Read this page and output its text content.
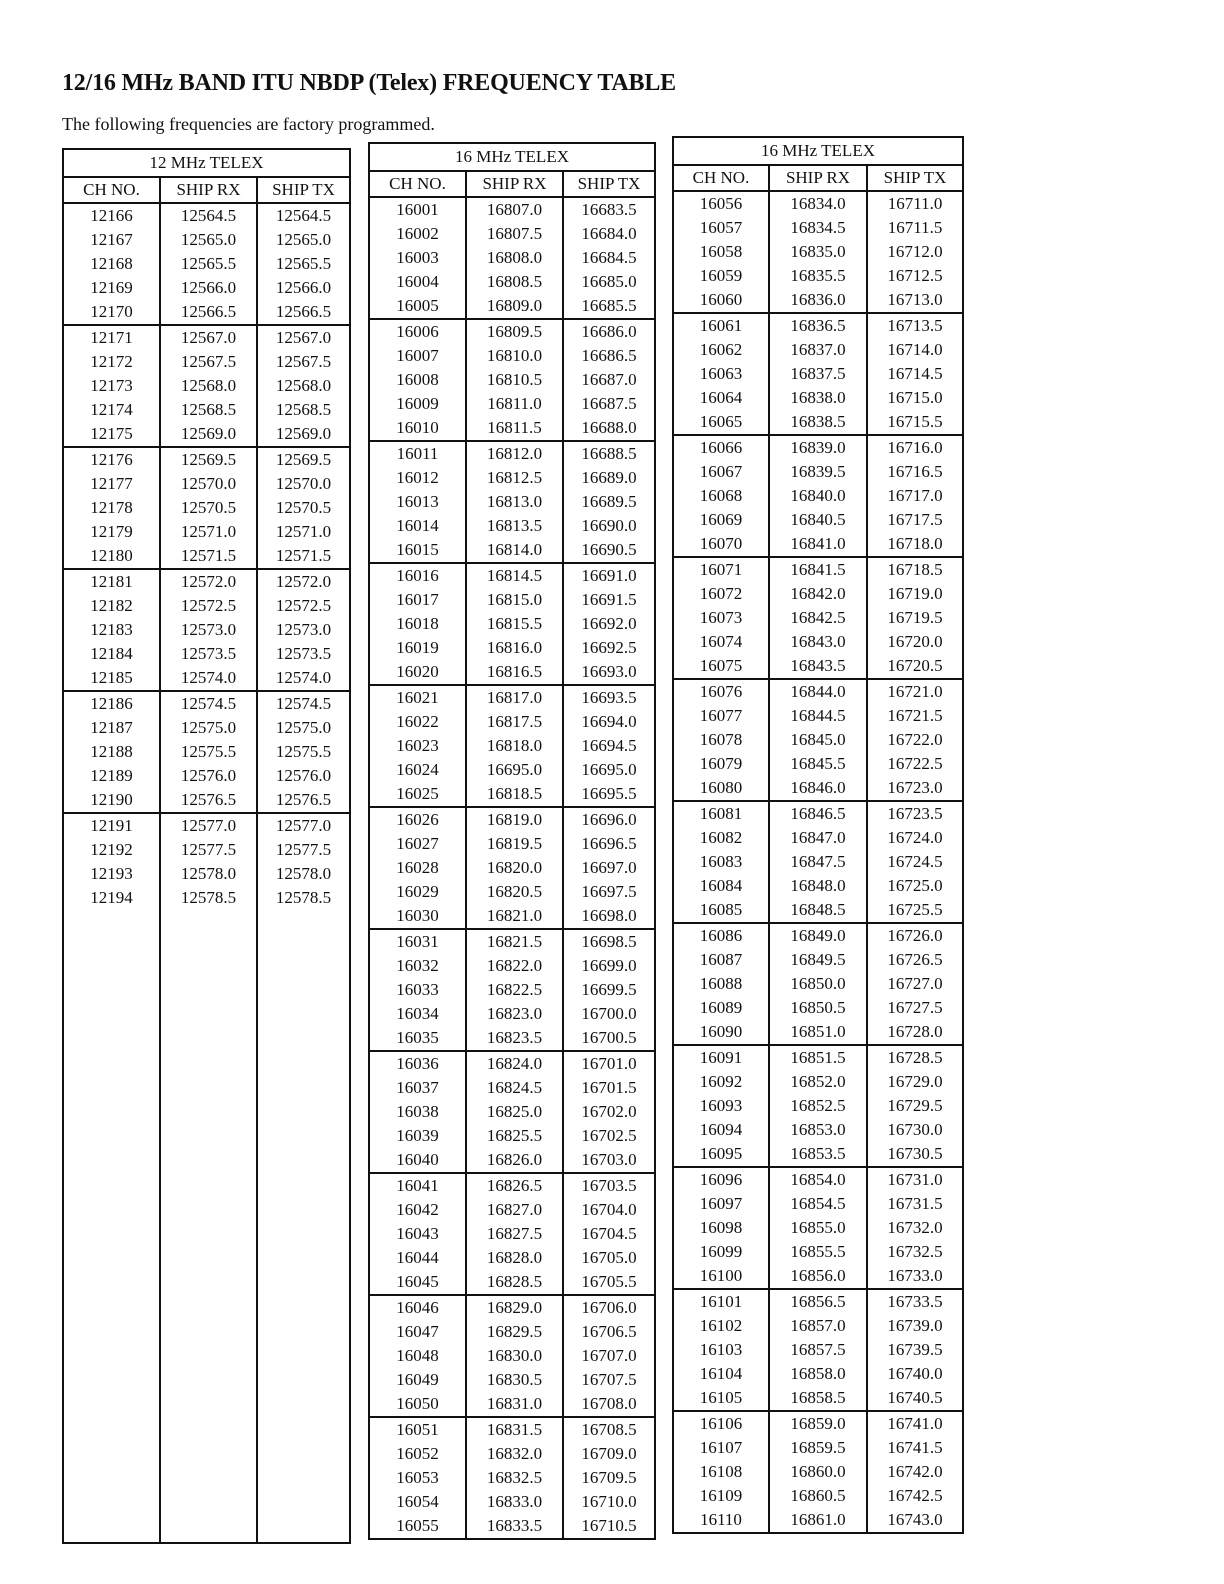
12/16 MHz BAND ITU NBDP (Telex) FREQUENCY TABLE
The following frequencies are factory programmed.
12 MHz TELEX		
CH NO.	SHIP RX	SHIP TX
12166	12564.5	12564.5
12167	12565.0	12565.0
12168	12565.5	12565.5
12169	12566.0	12566.0
12170	12566.5	12566.5
12171	12567.0	12567.0
12172	12567.5	12567.5
12173	12568.0	12568.0
12174	12568.5	12568.5
12175	12569.0	12569.0
12176	12569.5	12569.5
12177	12570.0	12570.0
12178	12570.5	12570.5
12179	12571.0	12571.0
12180	12571.5	12571.5
12181	12572.0	12572.0
12182	12572.5	12572.5
12183	12573.0	12573.0
12184	12573.5	12573.5
12185	12574.0	12574.0
12186	12574.5	12574.5
12187	12575.0	12575.0
12188	12575.5	12575.5
12189	12576.0	12576.0
12190	12576.5	12576.5
12191	12577.0	12577.0
12192	12577.5	12577.5
12193	12578.0	12578.0
12194	12578.5	12578.5

16 MHz TELEX		
CH NO.	SHIP RX	SHIP TX
16001	16807.0	16683.5
16002	16807.5	16684.0
16003	16808.0	16684.5
16004	16808.5	16685.0
16005	16809.0	16685.5
16006	16809.5	16686.0
16007	16810.0	16686.5
16008	16810.5	16687.0
16009	16811.0	16687.5
16010	16811.5	16688.0
16011	16812.0	16688.5
16012	16812.5	16689.0
16013	16813.0	16689.5
16014	16813.5	16690.0
16015	16814.0	16690.5
16016	16814.5	16691.0
16017	16815.0	16691.5
16018	16815.5	16692.0
16019	16816.0	16692.5
16020	16816.5	16693.0
16021	16817.0	16693.5
16022	16817.5	16694.0
16023	16818.0	16694.5
16024	16695.0	16695.0
16025	16818.5	16695.5
16026	16819.0	16696.0
16027	16819.5	16696.5
16028	16820.0	16697.0
16029	16820.5	16697.5
16030	16821.0	16698.0
16031	16821.5	16698.5
16032	16822.0	16699.0
16033	16822.5	16699.5
16034	16823.0	16700.0
16035	16823.5	16700.5
16036	16824.0	16701.0
16037	16824.5	16701.5
16038	16825.0	16702.0
16039	16825.5	16702.5
16040	16826.0	16703.0
16041	16826.5	16703.5
16042	16827.0	16704.0
16043	16827.5	16704.5
16044	16828.0	16705.0
16045	16828.5	16705.5
16046	16829.0	16706.0
16047	16829.5	16706.5
16048	16830.0	16707.0
16049	16830.5	16707.5
16050	16831.0	16708.0
16051	16831.5	16708.5
16052	16832.0	16709.0
16053	16832.5	16709.5
16054	16833.0	16710.0
16055	16833.5	16710.5

16 MHz TELEX		
CH NO.	SHIP RX	SHIP TX
16056	16834.0	16711.0
16057	16834.5	16711.5
16058	16835.0	16712.0
16059	16835.5	16712.5
16060	16836.0	16713.0
16061	16836.5	16713.5
16062	16837.0	16714.0
16063	16837.5	16714.5
16064	16838.0	16715.0
16065	16838.5	16715.5
16066	16839.0	16716.0
16067	16839.5	16716.5
16068	16840.0	16717.0
16069	16840.5	16717.5
16070	16841.0	16718.0
16071	16841.5	16718.5
16072	16842.0	16719.0
16073	16842.5	16719.5
16074	16843.0	16720.0
16075	16843.5	16720.5
16076	16844.0	16721.0
16077	16844.5	16721.5
16078	16845.0	16722.0
16079	16845.5	16722.5
16080	16846.0	16723.0
16081	16846.5	16723.5
16082	16847.0	16724.0
16083	16847.5	16724.5
16084	16848.0	16725.0
16085	16848.5	16725.5
16086	16849.0	16726.0
16087	16849.5	16726.5
16088	16850.0	16727.0
16089	16850.5	16727.5
16090	16851.0	16728.0
16091	16851.5	16728.5
16092	16852.0	16729.0
16093	16852.5	16729.5
16094	16853.0	16730.0
16095	16853.5	16730.5
16096	16854.0	16731.0
16097	16854.5	16731.5
16098	16855.0	16732.0
16099	16855.5	16732.5
16100	16856.0	16733.0
16101	16856.5	16733.5
16102	16857.0	16739.0
16103	16857.5	16739.5
16104	16858.0	16740.0
16105	16858.5	16740.5
16106	16859.0	16741.0
16107	16859.5	16741.5
16108	16860.0	16742.0
16109	16860.5	16742.5
16110	16861.0	16743.0
